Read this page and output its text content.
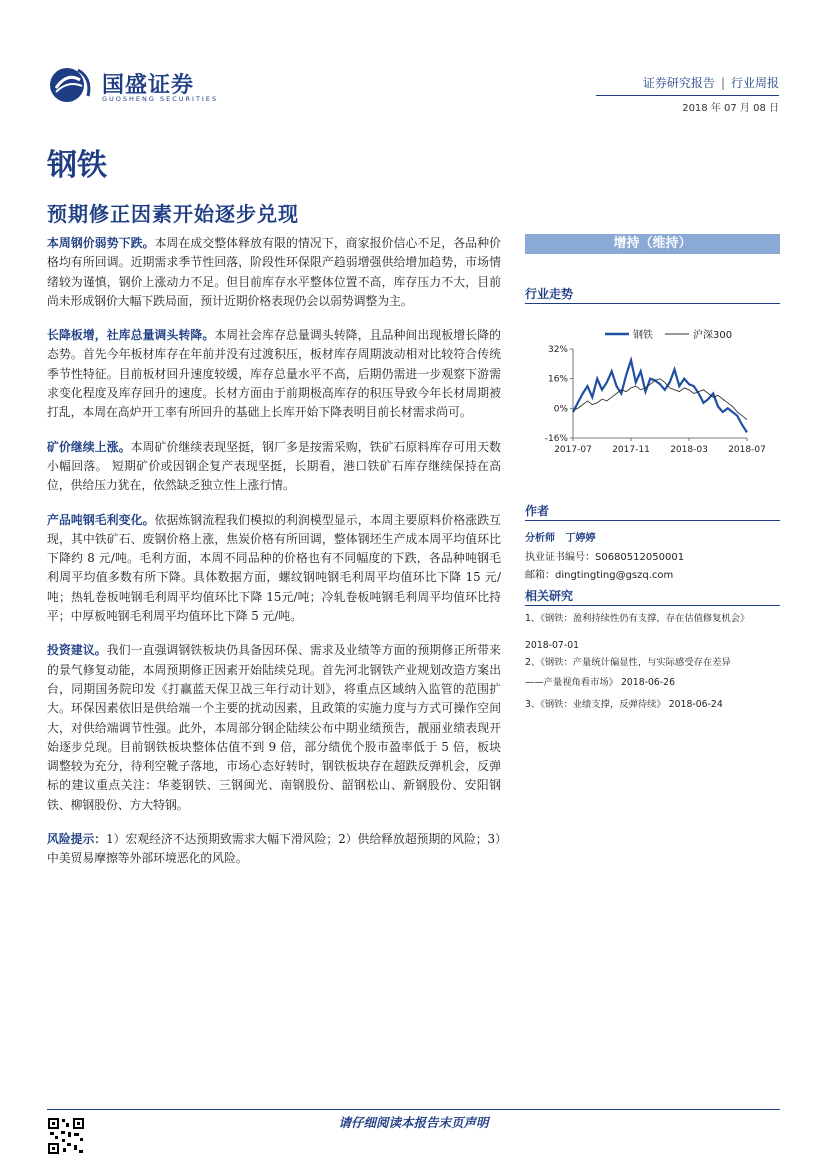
国盛证券
GUOSHENG SECURITIES
证券研究报告 | 行业周报
2018 年 07 月 08 日
钢铁
预期修正因素开始逐步兑现

本周钢价弱势下跌。本周在成交整体释放有限的情况下，商家报价信心不足，各品种价格均有所回调。近期需求季节性回落，阶段性环保限产趋弱增强供给增加趋势，市场情绪较为谨慎，钢价上涨动力不足。但目前库存水平整体位置不高，库存压力不大，目前尚未形成钢价大幅下跌局面，预计近期价格表现仍会以弱势调整为主。

长降板增，社库总量调头转降。本周社会库存总量调头转降，且品种间出现板增长降的态势。首先今年板材库存在年前并没有过渡积压，板材库存周期波动相对比较符合传统季节性特征。目前板材回升速度较缓，库存总量水平不高，后期仍需进一步观察下游需求变化程度及库存回升的速度。长材方面由于前期极高库存的积压导致今年长材周期被打乱，本周在高炉开工率有所回升的基础上长库开始下降表明目前长材需求尚可。

矿价继续上涨。本周矿价继续表现坚挺，钢厂多是按需采购，铁矿石原料库存可用天数小幅回落。 短期矿价或因钢企复产表现坚挺，长期看，港口铁矿石库存继续保持在高位，供给压力犹在，依然缺乏独立性上涨行情。

产品吨钢毛利变化。依据炼钢流程我们模拟的利润模型显示，本周主要原料价格涨跌互现，其中铁矿石、废钢价格上涨，焦炭价格有所回调，整体钢坯生产成本周平均值环比下降约 8 元/吨。毛利方面，本周不同品种的价格也有不同幅度的下跌，各品种吨钢毛利周平均值多数有所下降。具体数据方面，螺纹钢吨钢毛利周平均值环比下降 15 元/吨；热轧卷板吨钢毛利周平均值环比下降 15元/吨；冷轧卷板吨钢毛利周平均值环比持平；中厚板吨钢毛利周平均值环比下降 5 元/吨。

投资建议。我们一直强调钢铁板块仍具备因环保、需求及业绩等方面的预期修正所带来的景气修复动能，本周预期修正因素开始陆续兑现。首先河北钢铁产业规划改造方案出台，同期国务院印发《打赢蓝天保卫战三年行动计划》，将重点区域纳入监管的范围扩大。环保因素依旧是供给端一个主要的扰动因素，且政策的实施力度与方式可操作空间大，对供给端调节性强。此外，本周部分钢企陆续公布中期业绩预告，靓丽业绩表现开始逐步兑现。目前钢铁板块整体估值不到 9 倍，部分绩优个股市盈率低于 5 倍，板块调整较为充分，待利空靴子落地，市场心态好转时，钢铁板块存在超跌反弹机会，反弹标的建议重点关注：华菱钢铁、三钢闽光、南钢股份、韶钢松山、新钢股份、安阳钢铁、柳钢股份、方大特钢。

风险提示：1）宏观经济不达预期致需求大幅下滑风险；2）供给释放超预期的风险；3）中美贸易摩擦等外部环境恶化的风险。

增持（维持）
行业走势
32%
16%
0%
-16%
2017-07 2017-11 2018-03 2018-07
钢铁	沪深300
作者
分析师 丁婷婷
执业证书编号：S0680512050001
邮箱：dingtingting@gszq.com
相关研究
1、《钢铁：盈利持续性仍有支撑，存在估值修复机会》
2018-07-01
2、《钢铁：产量统计偏显性，与实际感受存在差异
——产量视角看市场》 2018-06-26
3、《钢铁：业绩支撑，反弹待续》 2018-06-24
请仔细阅读本报告末页声明
